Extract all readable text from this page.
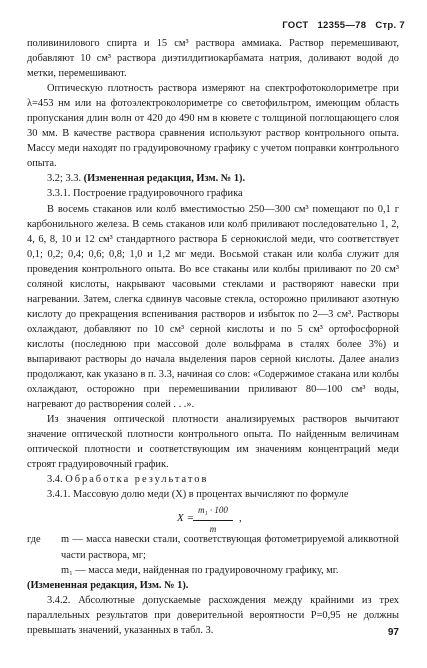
ГОСТ 12355—78 Стр. 7

поливинилового спирта и 15 см³ раствора аммиака. Раствор перемешивают, добавляют 10 см³ раствора диэтилдитиокарбамата натрия, доливают водой до метки, перемешивают.

Оптическую плотность раствора измеряют на спектрофотоколориметре при λ=453 нм или на фотоэлектроколориметре со светофильтром, имеющим область пропускания длин волн от 420 до 490 нм в кювете с толщиной поглощающего слоя 30 мм. В качестве раствора сравнения используют раствор контрольного опыта. Массу меди находят по градуировочному графику с учетом поправки контрольного опыта.

3.2; 3.3. (Измененная редакция, Изм. № 1).

3.3.1. Построение градуировочного графика

В восемь стаканов или колб вместимостью 250—300 см³ помещают по 0,1 г карбонильного железа. В семь стаканов или колб приливают последовательно 1, 2, 4, 6, 8, 10 и 12 см³ стандартного раствора Б сернокислой меди, что соответствует 0,1; 0,2; 0,4; 0,6; 0,8; 1,0 и 1,2 мг меди. Восьмой стакан или колба служит для проведения контрольного опыта. Во все стаканы или колбы приливают по 20 см³ соляной кислоты, накрывают часовыми стеклами и растворяют навески при нагревании. Затем, слегка сдвинув часовые стекла, осторожно приливают азотную кислоту до прекращения вспенивания растворов и избыток по 2—3 см³. Растворы охлаждают, добавляют по 10 см³ серной кислоты и по 5 см³ ортофосфорной кислоты (последнюю при массовой доле вольфрама в сталях более 3%) и выпаривают растворы до начала выделения паров серной кислоты. Далее анализ продолжают, как указано в п. 3.3, начиная со слов: «Содержимое стакана или колбы охлаждают, осторожно при перемешивании приливают 80—100 см³ воды, нагревают до растворения солей . . .».

Из значения оптической плотности анализируемых растворов вычитают значение оптической плотности контрольного опыта. По найденным величинам оптической плотности и соответствующим им значениям концентраций меди строят градуировочный график.

3.4. Обработка результатов

3.4.1. Массовую долю меди (X) в процентах вычисляют по формуле

$X = \frac{\text{m₁ · 100}}{m}$ ,
где	m — масса навески стали, соответствующая фотометрируемой аликвотной части раствора, мг;

m₁ — масса меди, найденная по градуировочному графику, мг.

(Измененная редакция, Изм. № 1).

3.4.2. Абсолютные допускаемые расхождения между крайними из трех параллельных результатов при доверительной вероятности P=0,95 не должны превышать значений, указанных в табл. 3.	97
